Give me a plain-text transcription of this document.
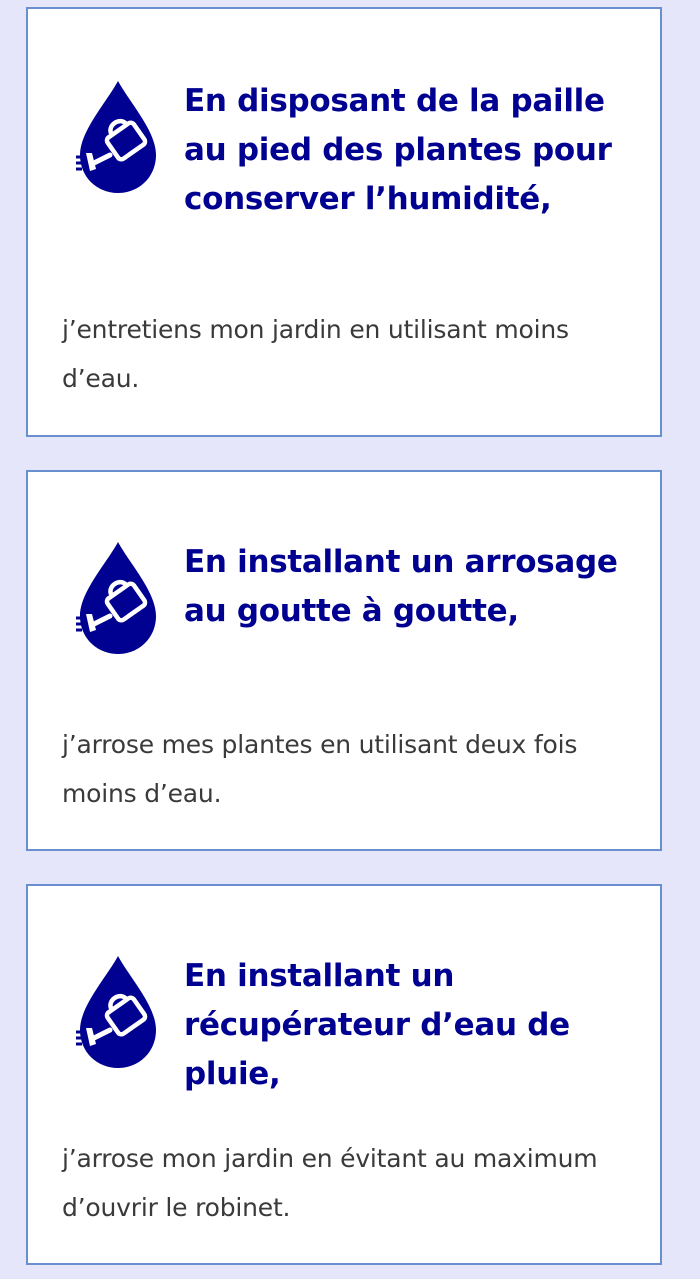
En disposant de la paille au pied des plantes pour conserver l’humidité,

j’entretiens mon jardin en utilisant moins d’eau.

En installant un arrosage au goutte à goutte,

j’arrose mes plantes en utilisant deux fois moins d’eau.

En installant un récupérateur d’eau de pluie,

j’arrose mon jardin en évitant au maximum d’ouvrir le robinet.
